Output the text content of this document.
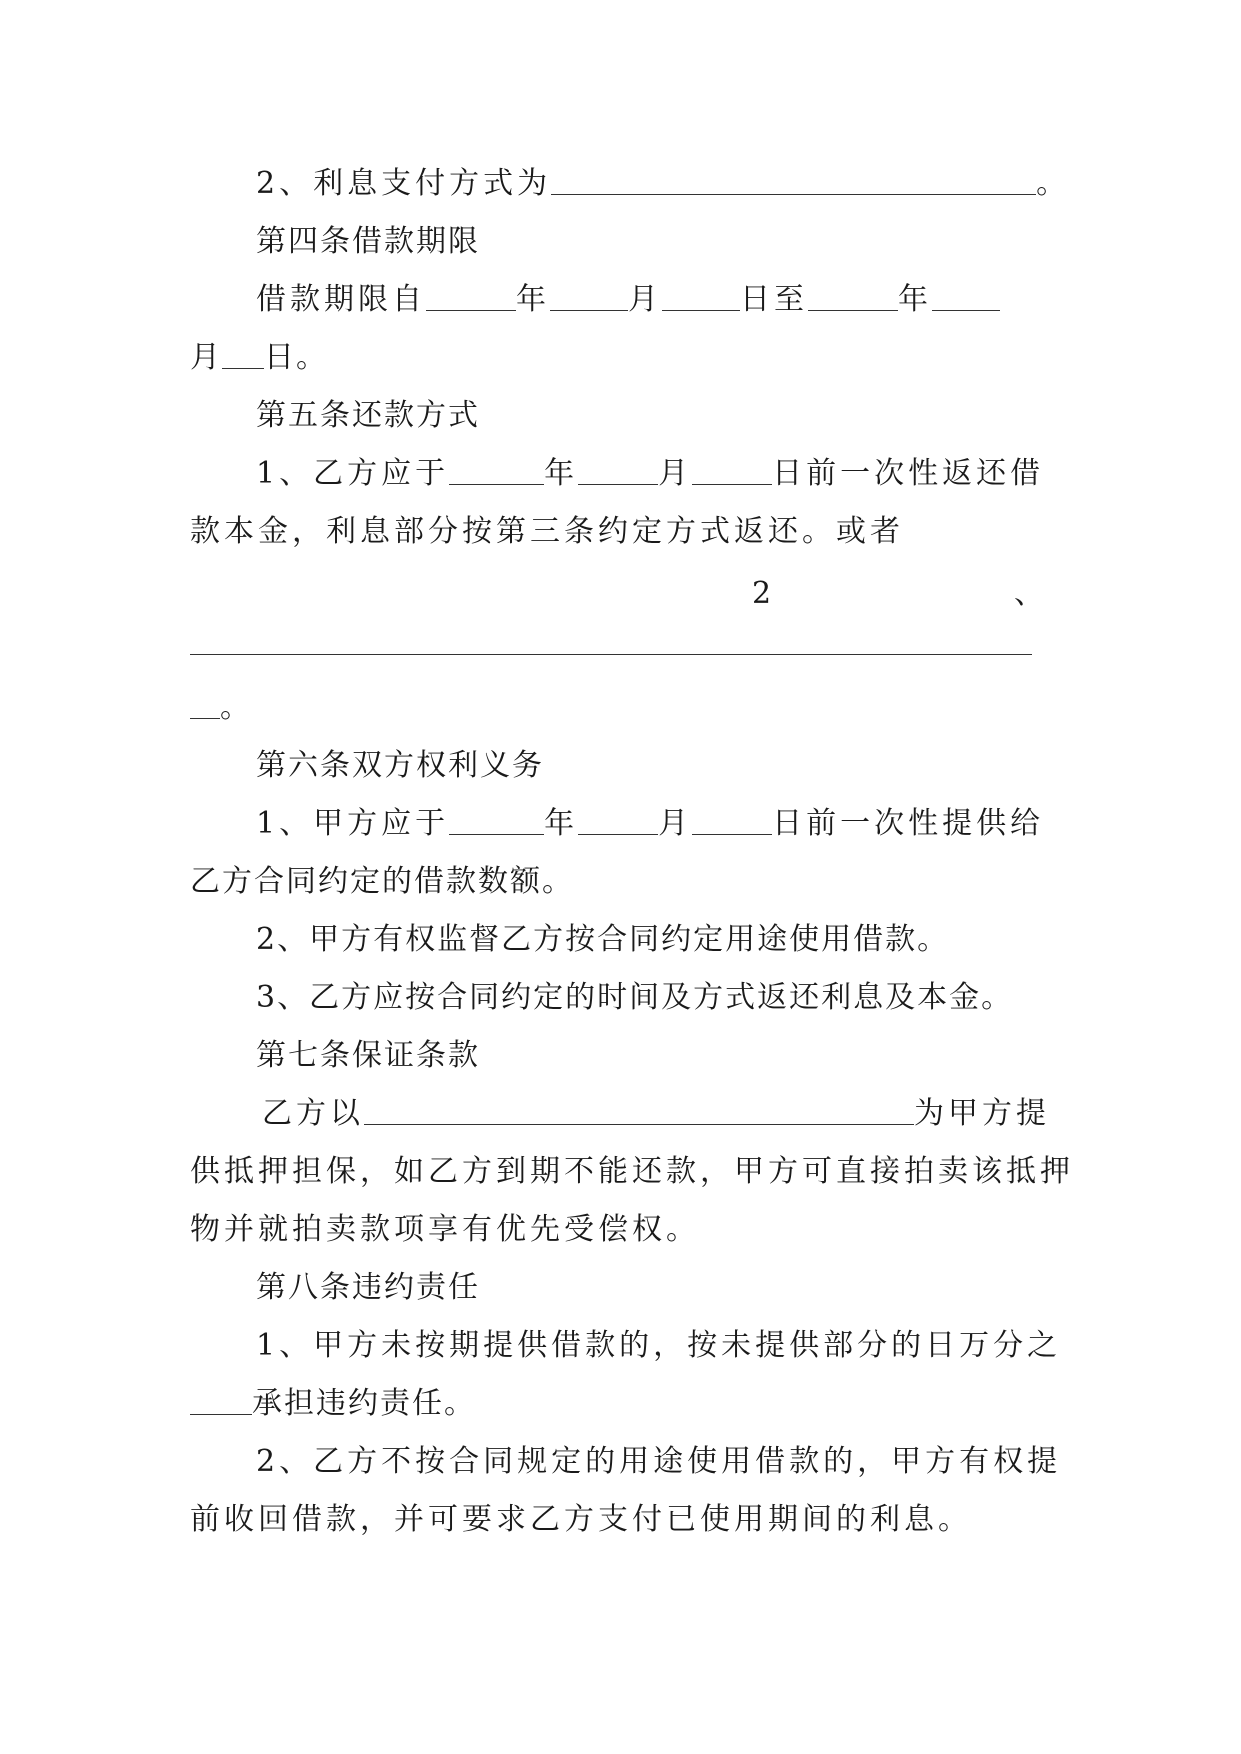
2、利息支付方式为	。
第四条借款期限
借款期限自	年	月	日至	年
月 日。
第五条还款方式
1、乙方应于	年	月	日前一次性返还借
款本金，利息部分按第三条约定方式返还。或者
2	、
。
第六条双方权利义务
1、甲方应于	年	月	日前一次性提供给
乙方合同约定的借款数额。
2、甲方有权监督乙方按合同约定用途使用借款。
3、乙方应按合同约定的时间及方式返还利息及本金。
第七条保证条款
乙方以	为甲方提
供抵押担保，如乙方到期不能还款，甲方可直接拍卖该抵押
物并就拍卖款项享有优先受偿权。
第八条违约责任
1、甲方未按期提供借款的，按未提供部分的日万分之
承担违约责任。
2、乙方不按合同规定的用途使用借款的，甲方有权提
前收回借款，并可要求乙方支付已使用期间的利息。
